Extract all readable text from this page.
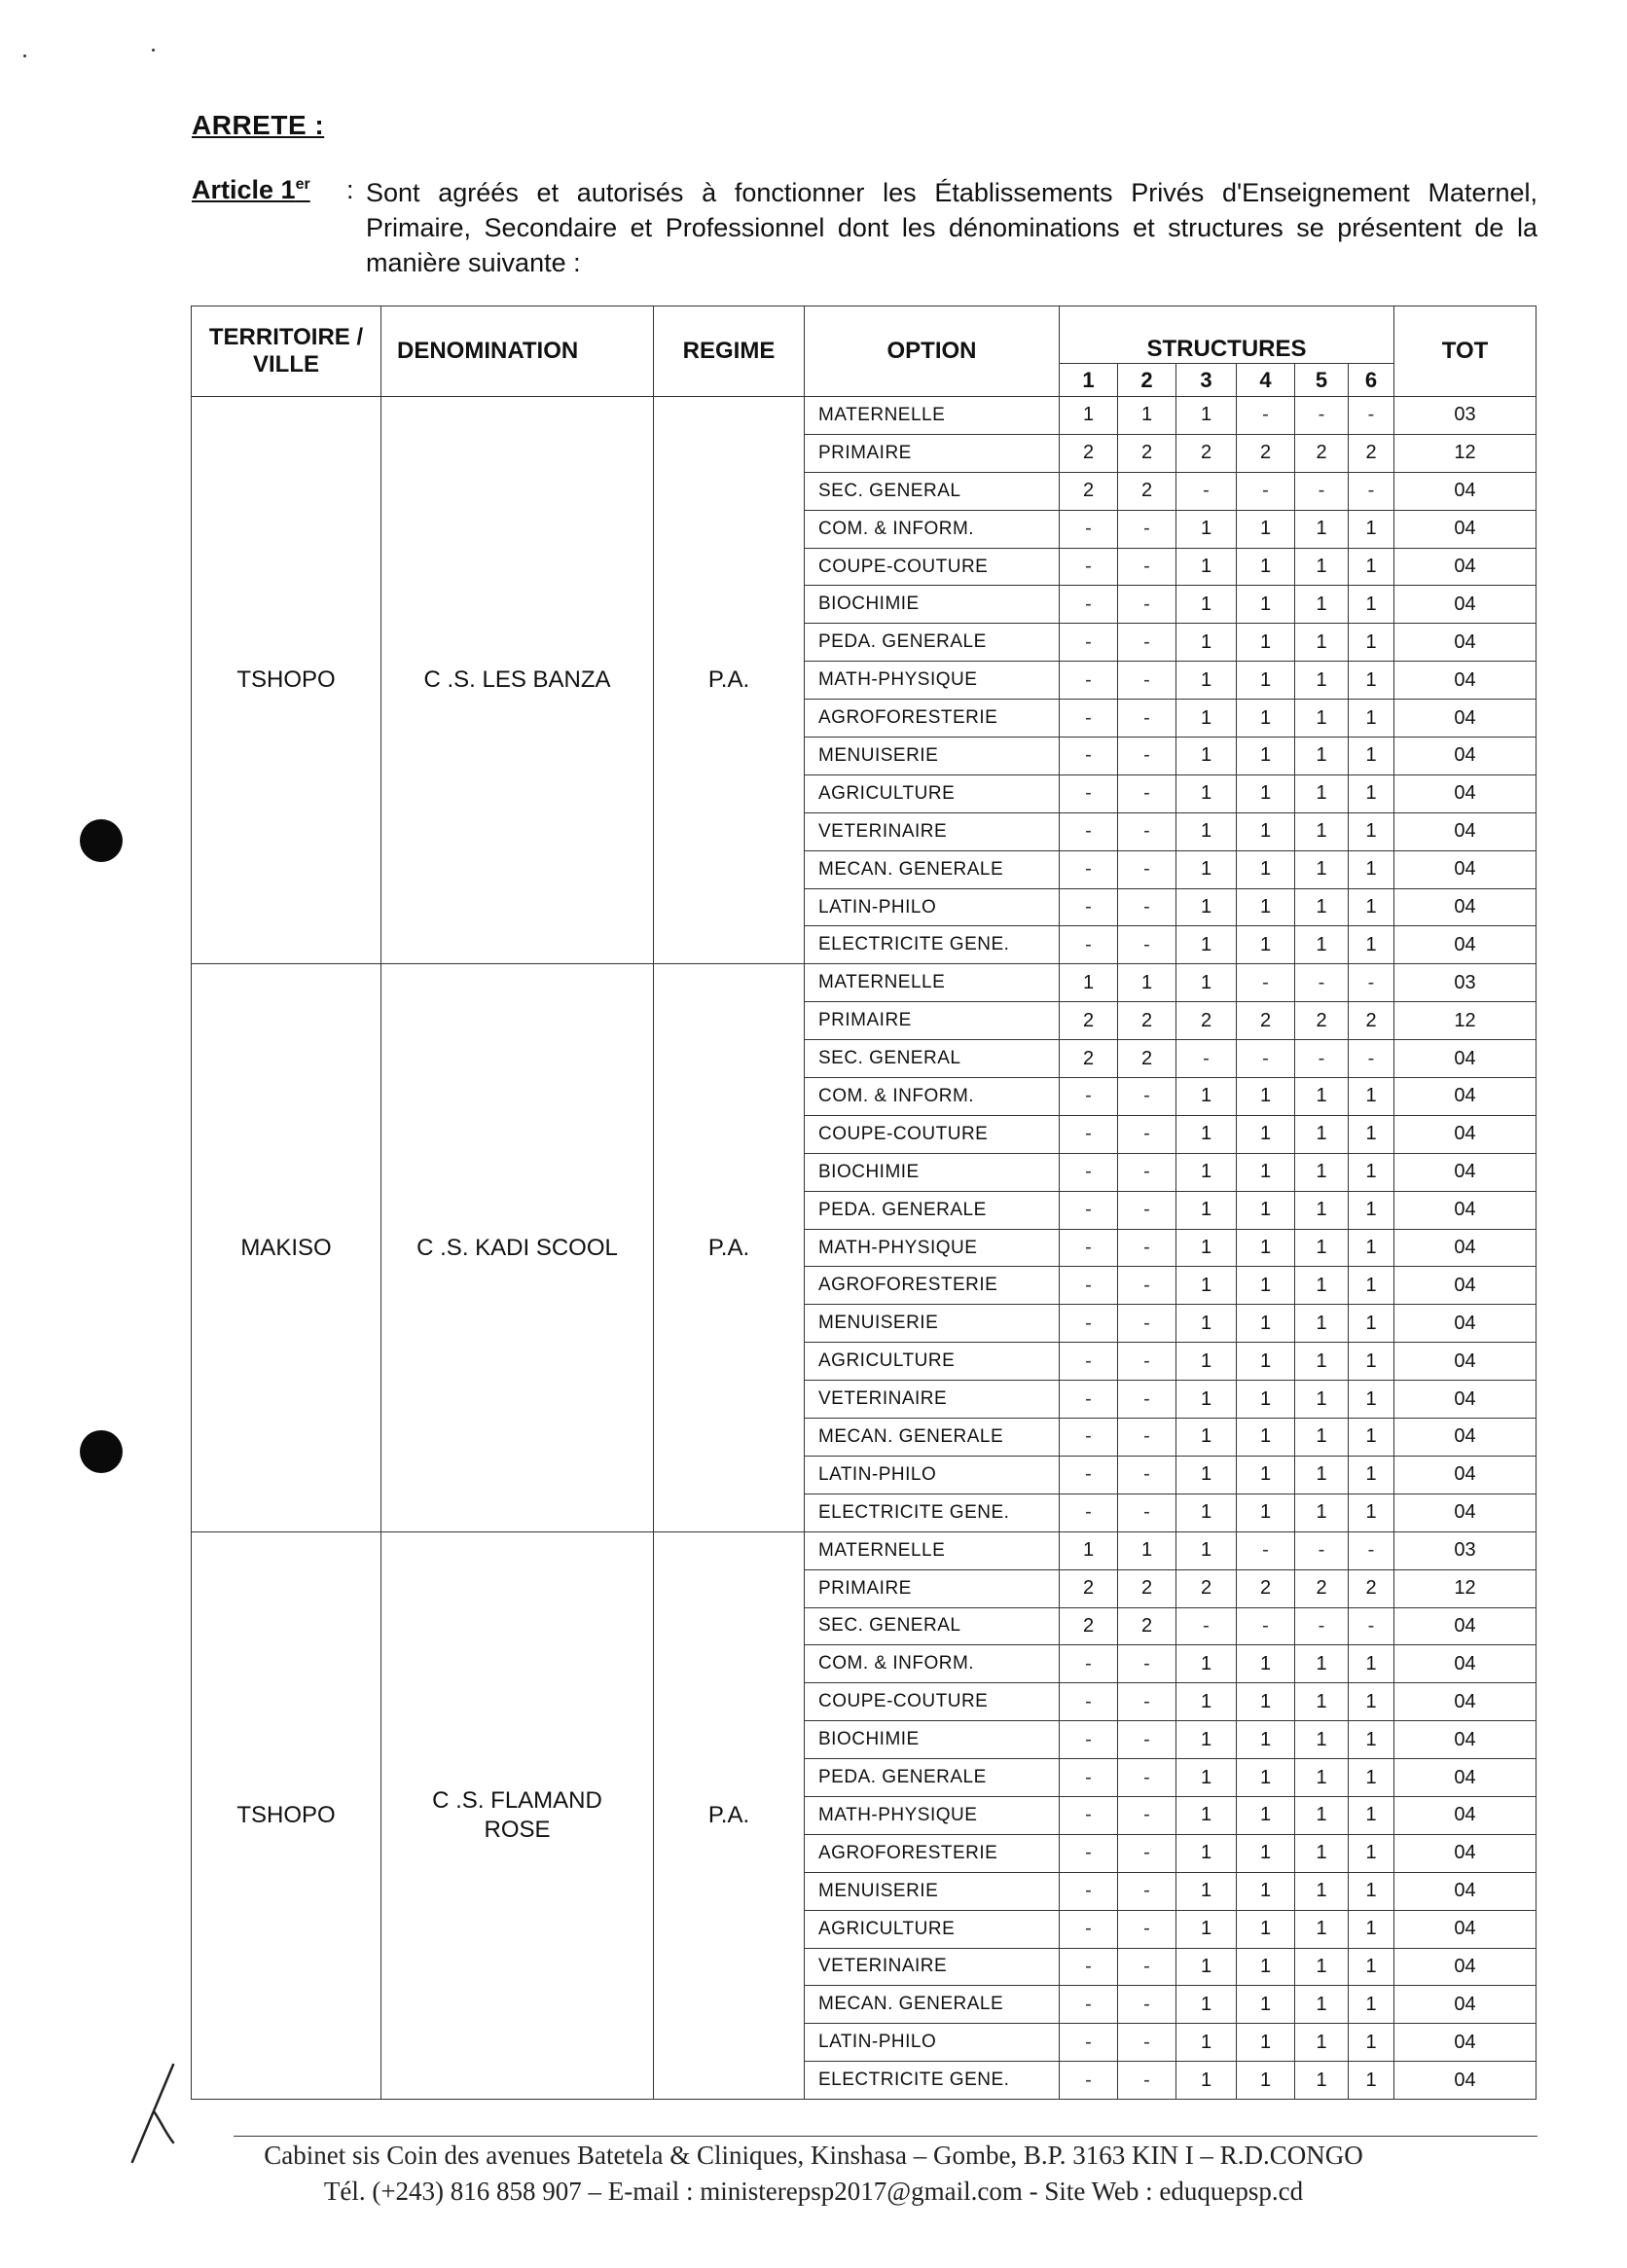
ARRETE :
Article 1er : Sont agréés et autorisés à fonctionner les Établissements Privés d'Enseignement Maternel, Primaire, Secondaire et Professionnel dont les dénominations et structures se présentent de la manière suivante :
TERRITOIRE / VILLE	DENOMINATION	REGIME	OPTION	STRUCTURES						TOT
				1	2	3	4	5	6	
TSHOPO	C .S. LES BANZA	P.A.	MATERNELLE	1	1	1	-	-	-	03
			PRIMAIRE	2	2	2	2	2	2	12
			SEC. GENERAL	2	2	-	-	-	-	04
			COM. & INFORM.	-	-	1	1	1	1	04
			COUPE-COUTURE	-	-	1	1	1	1	04
			BIOCHIMIE	-	-	1	1	1	1	04
			PEDA. GENERALE	-	-	1	1	1	1	04
			MATH-PHYSIQUE	-	-	1	1	1	1	04
			AGROFORESTERIE	-	-	1	1	1	1	04
			MENUISERIE	-	-	1	1	1	1	04
			AGRICULTURE	-	-	1	1	1	1	04
			VETERINAIRE	-	-	1	1	1	1	04
			MECAN. GENERALE	-	-	1	1	1	1	04
			LATIN-PHILO	-	-	1	1	1	1	04
			ELECTRICITE GENE.	-	-	1	1	1	1	04
MAKISO	C .S. KADI SCOOL	P.A.	MATERNELLE	1	1	1	-	-	-	03
			PRIMAIRE	2	2	2	2	2	2	12
			SEC. GENERAL	2	2	-	-	-	-	04
			COM. & INFORM.	-	-	1	1	1	1	04
			COUPE-COUTURE	-	-	1	1	1	1	04
			BIOCHIMIE	-	-	1	1	1	1	04
			PEDA. GENERALE	-	-	1	1	1	1	04
			MATH-PHYSIQUE	-	-	1	1	1	1	04
			AGROFORESTERIE	-	-	1	1	1	1	04
			MENUISERIE	-	-	1	1	1	1	04
			AGRICULTURE	-	-	1	1	1	1	04
			VETERINAIRE	-	-	1	1	1	1	04
			MECAN. GENERALE	-	-	1	1	1	1	04
			LATIN-PHILO	-	-	1	1	1	1	04
			ELECTRICITE GENE.	-	-	1	1	1	1	04
TSHOPO	C .S. FLAMAND ROSE	P.A.	MATERNELLE	1	1	1	-	-	-	03
			PRIMAIRE	2	2	2	2	2	2	12
			SEC. GENERAL	2	2	-	-	-	-	04
			COM. & INFORM.	-	-	1	1	1	1	04
			COUPE-COUTURE	-	-	1	1	1	1	04
			BIOCHIMIE	-	-	1	1	1	1	04
			PEDA. GENERALE	-	-	1	1	1	1	04
			MATH-PHYSIQUE	-	-	1	1	1	1	04
			AGROFORESTERIE	-	-	1	1	1	1	04
			MENUISERIE	-	-	1	1	1	1	04
			AGRICULTURE	-	-	1	1	1	1	04
			VETERINAIRE	-	-	1	1	1	1	04
			MECAN. GENERALE	-	-	1	1	1	1	04
			LATIN-PHILO	-	-	1	1	1	1	04
			ELECTRICITE GENE.	-	-	1	1	1	1	04
Cabinet sis Coin des avenues Batetela & Cliniques, Kinshasa – Gombe, B.P. 3163 KIN I – R.D.CONGO
Tél. (+243) 816 858 907 – E-mail : ministerepsp2017@gmail.com - Site Web : eduquepsp.cd
